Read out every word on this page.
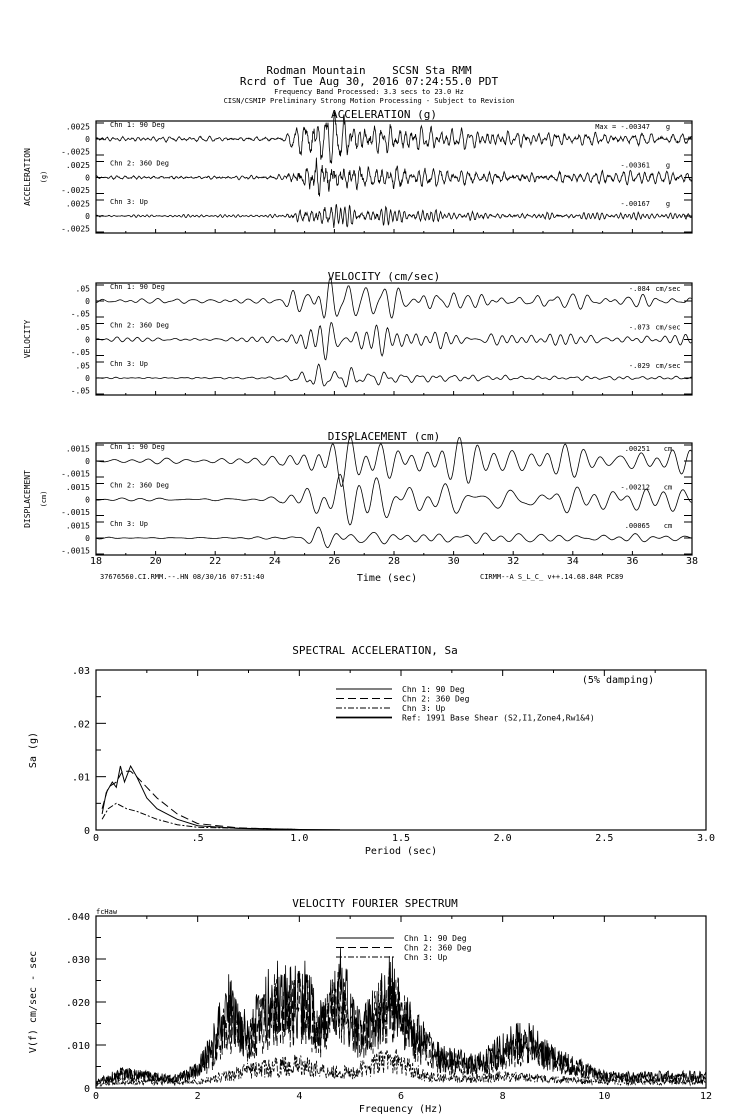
Rodman Mountain    SCSN Sta RMM
Rcrd of Tue Aug 30, 2016 07:24:55.0 PDT
Frequency Band Processed: 3.3 secs to 23.0 Hz
CISN/CSMIP Preliminary Strong Motion Processing - Subject to Revision
ACCELERATION (g)
ACCELERATION (g)
.0025
0
-.0025
Chn 1: 90 Deg	Max = -.00347 g
.0025
0
-.0025
Chn 2: 360 Deg	-.00361 g
.0025
0
-.0025
Chn 3: Up	-.00167 g
VELOCITY (cm/sec)
VELOCITY
.05
0
-.05
Chn 1: 90 Deg	-.084 cm/sec
.05
0
-.05
Chn 2: 360 Deg	-.073 cm/sec
.05
0
-.05
Chn 3: Up	-.029 cm/sec
DISPLACEMENT (cm)
DISPLACEMENT (cm)
.0015
0
-.0015
Chn 1: 90 Deg	.00251 cm
.0015
0
-.0015
Chn 2: 360 Deg	-.00212 cm
.0015
0
-.0015
Chn 3: Up	.00065 cm
18	20	22	24	26	28	30	32	34	36	38
Time (sec)
37676560.CI.RMM.--.HN 08/30/16 07:51:40	CIRMM--A S_L_C_ v++.14.68.84R PC89
SPECTRAL ACCELERATION, Sa
0	.5	1.0	1.5	2.0	2.5	3.0
0
.01
.02
.03
Period (sec)
Sa (g)
(5% damping)
Chn 1: 90 Deg
Chn 2: 360 Deg
Chn 3: Up
Ref: 1991 Base Shear (S2,I1,Zone4,Rw1&4)
VELOCITY FOURIER SPECTRUM
0	2	4	6	8	10	12
0
.010
.020
.030
.040
Frequency (Hz)
V(f) cm/sec - sec
fcHaw
Chn 1: 90 Deg
Chn 2: 360 Deg
Chn 3: Up
